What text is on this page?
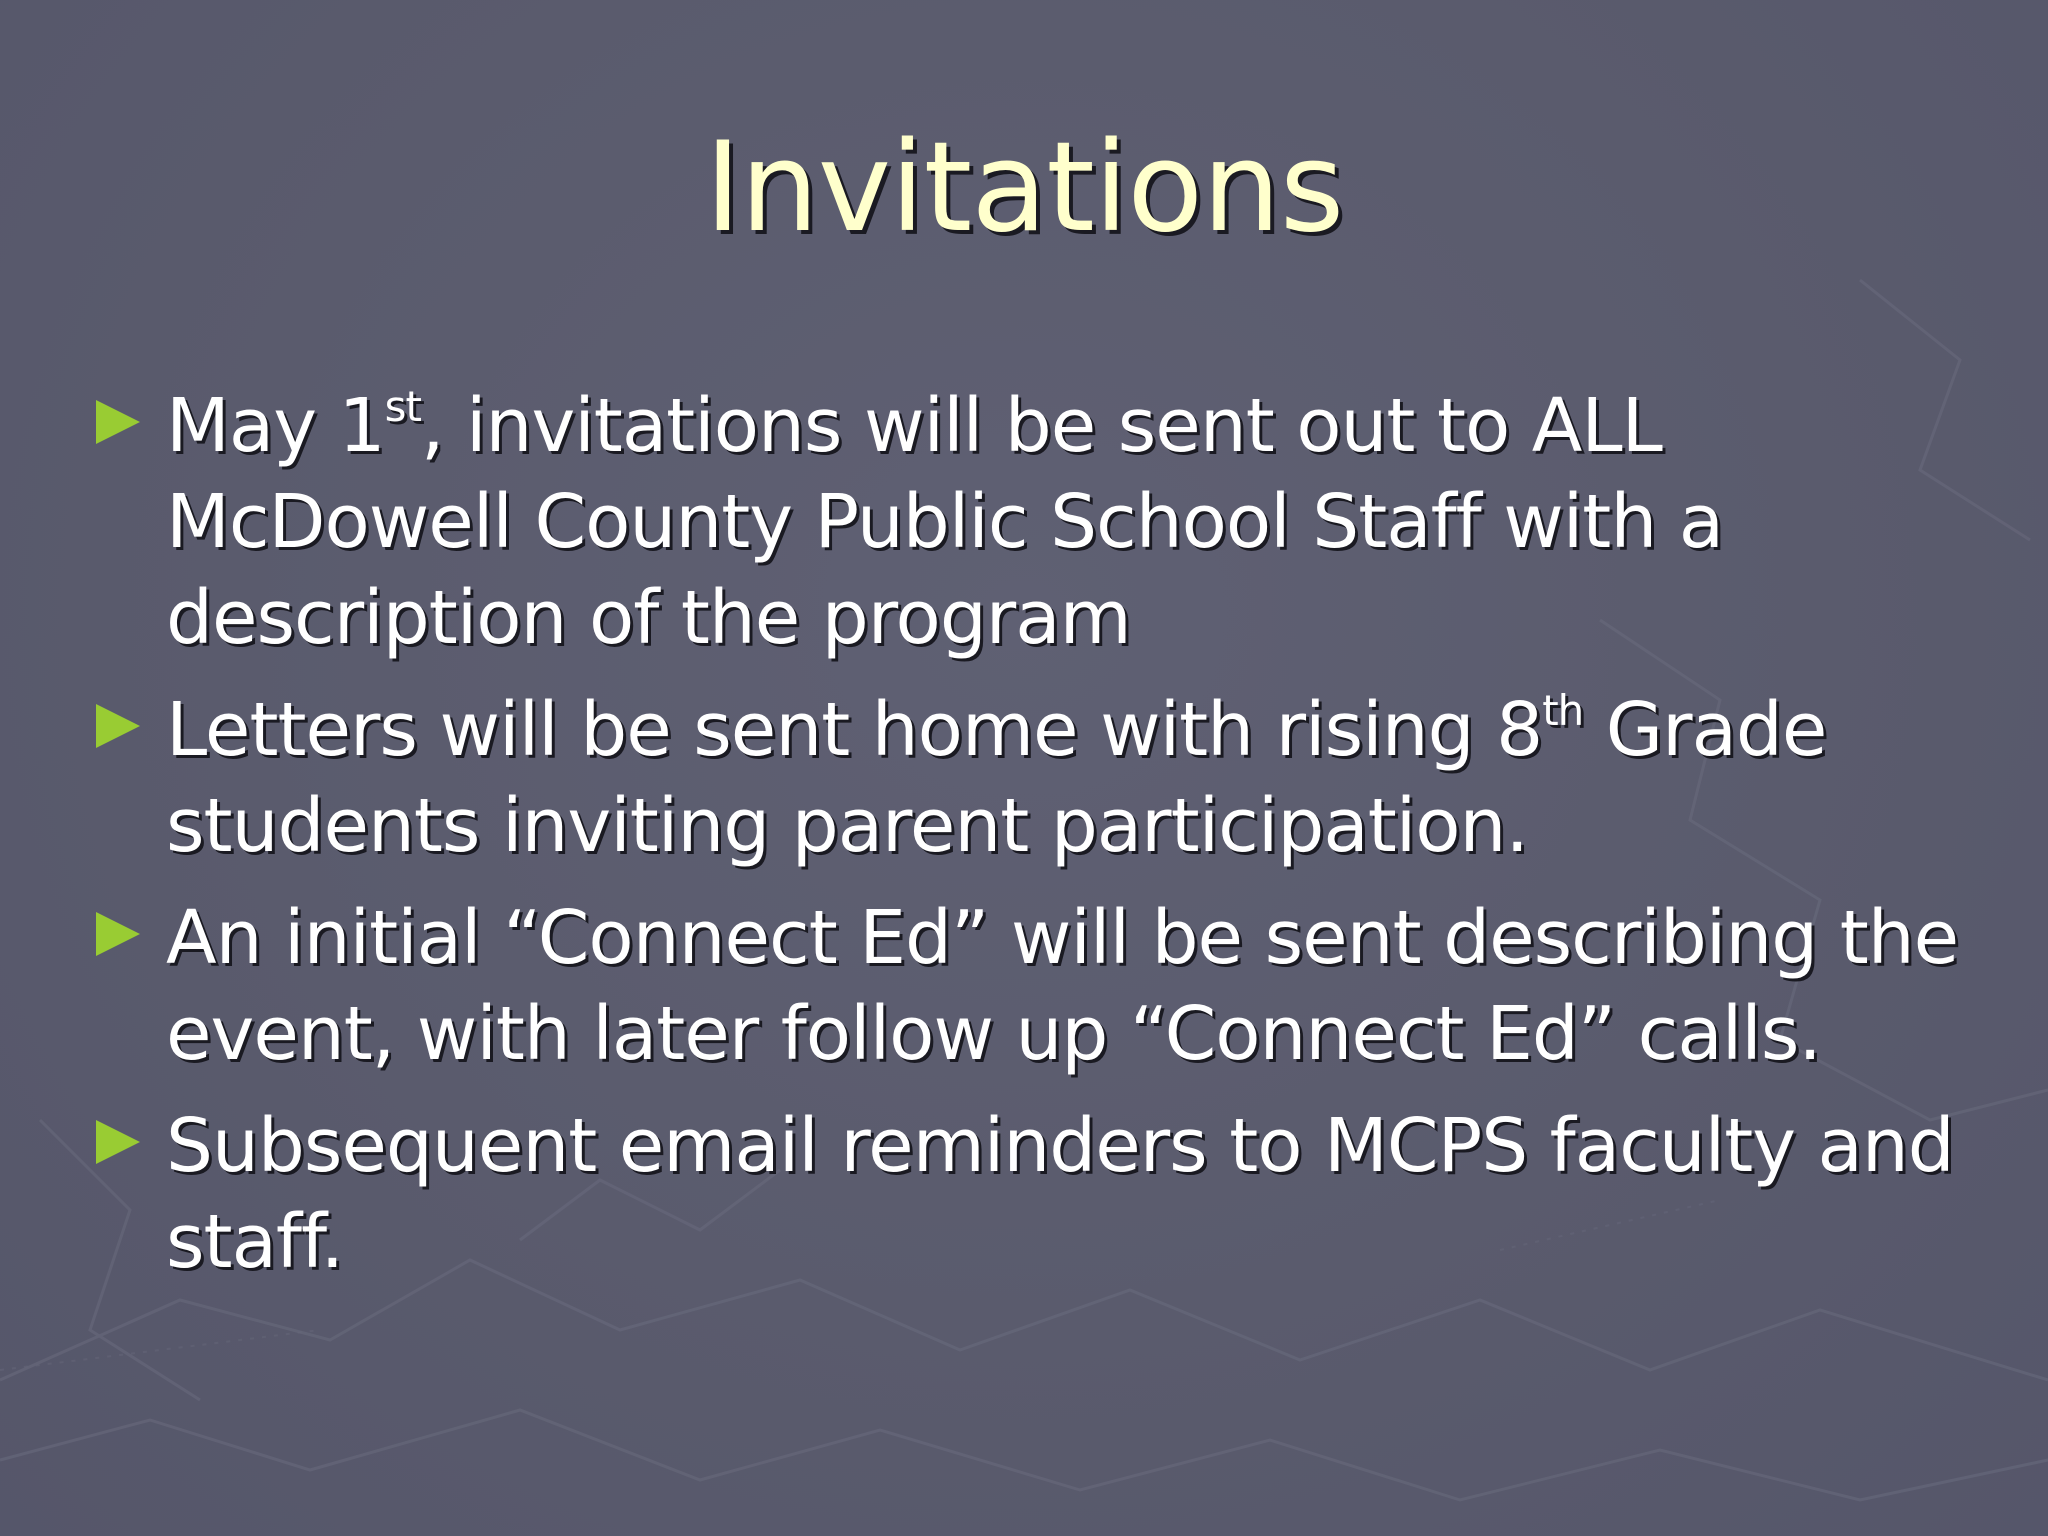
Invitations
May 1st, invitations will be sent out to ALL McDowell County Public School Staff with a description of the program
Letters will be sent home with rising 8th Grade students inviting parent participation.
An initial “Connect Ed” will be sent describing the event, with later follow up “Connect Ed” calls.
Subsequent email reminders to MCPS faculty and staff.
